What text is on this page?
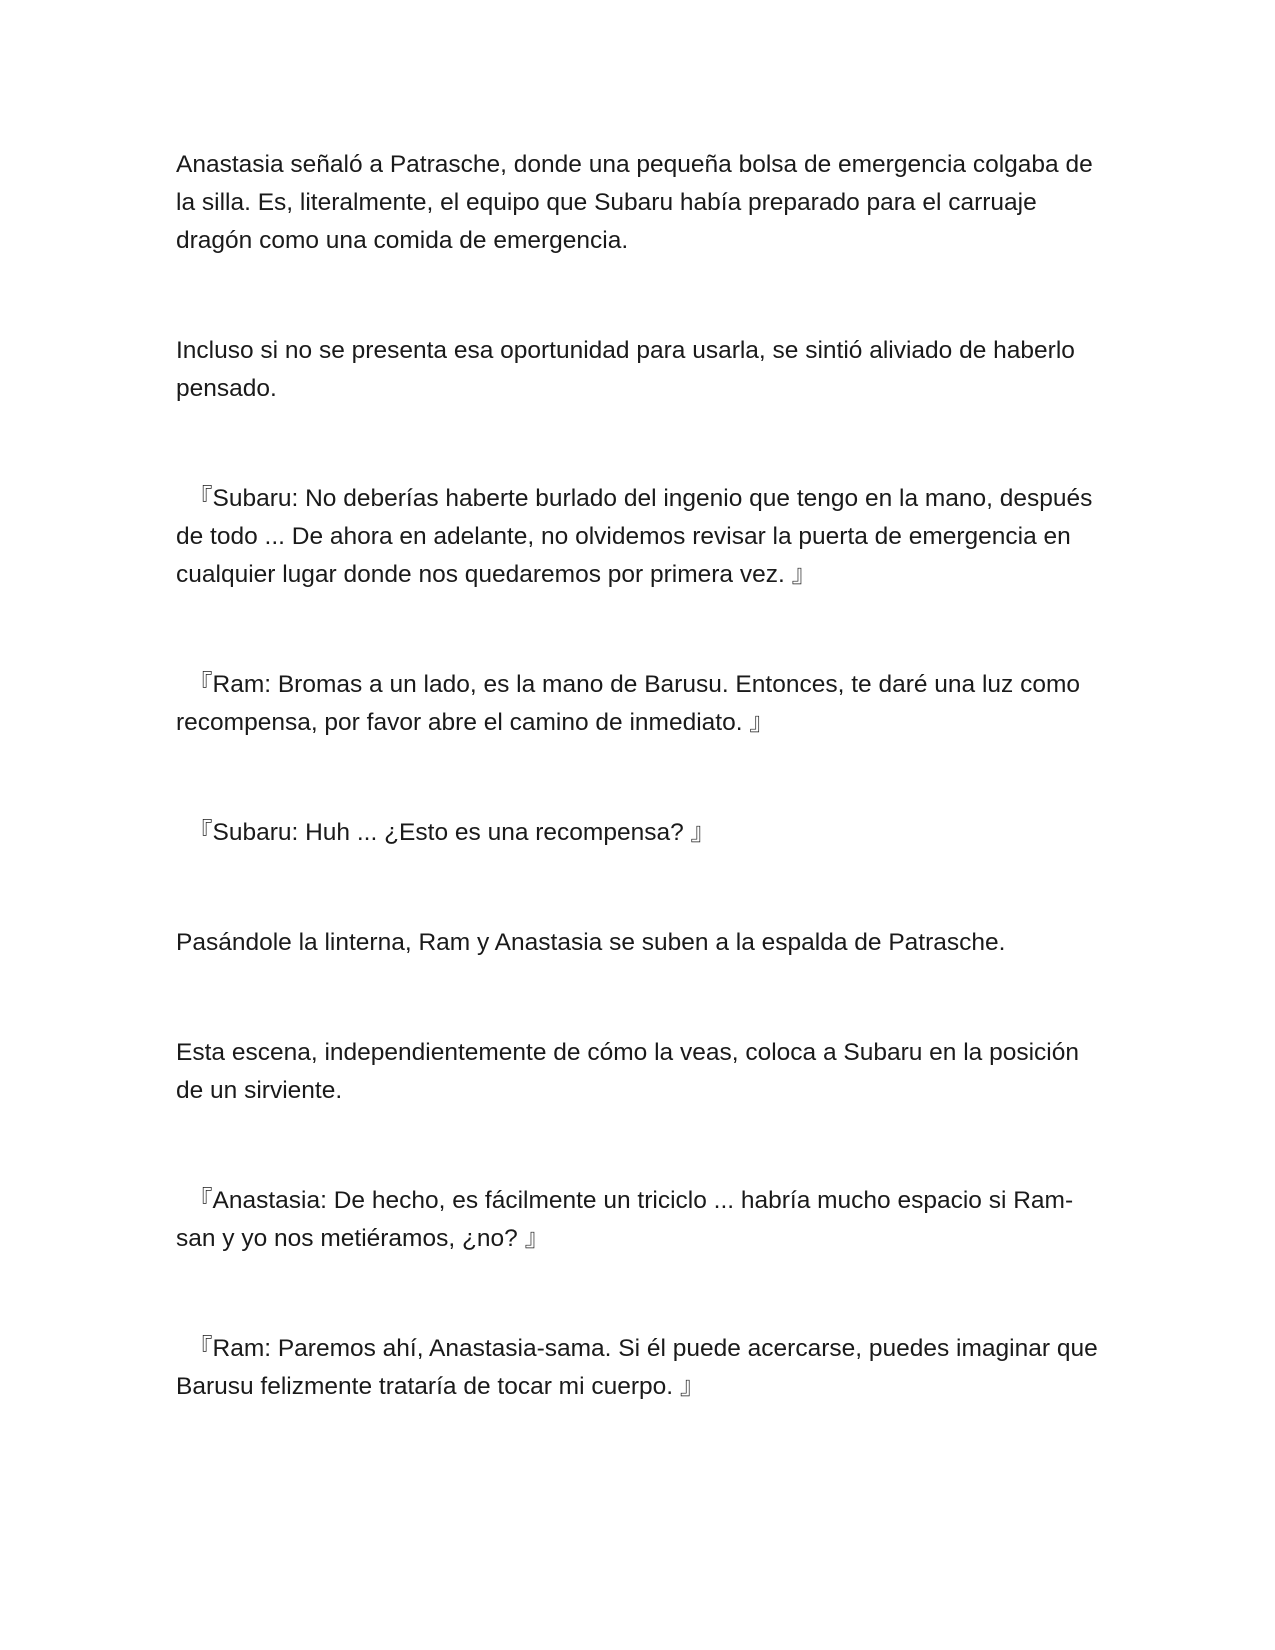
Anastasia señaló a Patrasche, donde una pequeña bolsa de emergencia colgaba de la silla. Es, literalmente, el equipo que Subaru había preparado para el carruaje dragón como una comida de emergencia.

Incluso si no se presenta esa oportunidad para usarla, se sintió aliviado de haberlo pensado.

『Subaru: No deberías haberte burlado del ingenio que tengo en la mano, después de todo ... De ahora en adelante, no olvidemos revisar la puerta de emergencia en cualquier lugar donde nos quedaremos por primera vez. 』

『Ram: Bromas a un lado, es la mano de Barusu. Entonces, te daré una luz como recompensa, por favor abre el camino de inmediato. 』

『Subaru: Huh ... ¿Esto es una recompensa? 』

Pasándole la linterna, Ram y Anastasia se suben a la espalda de Patrasche.

Esta escena, independientemente de cómo la veas, coloca a Subaru en la posición de un sirviente.

『Anastasia: De hecho, es fácilmente un triciclo ... habría mucho espacio si Ram-san y yo nos metiéramos, ¿no? 』

『Ram: Paremos ahí, Anastasia-sama. Si él puede acercarse, puedes imaginar que Barusu felizmente trataría de tocar mi cuerpo. 』
